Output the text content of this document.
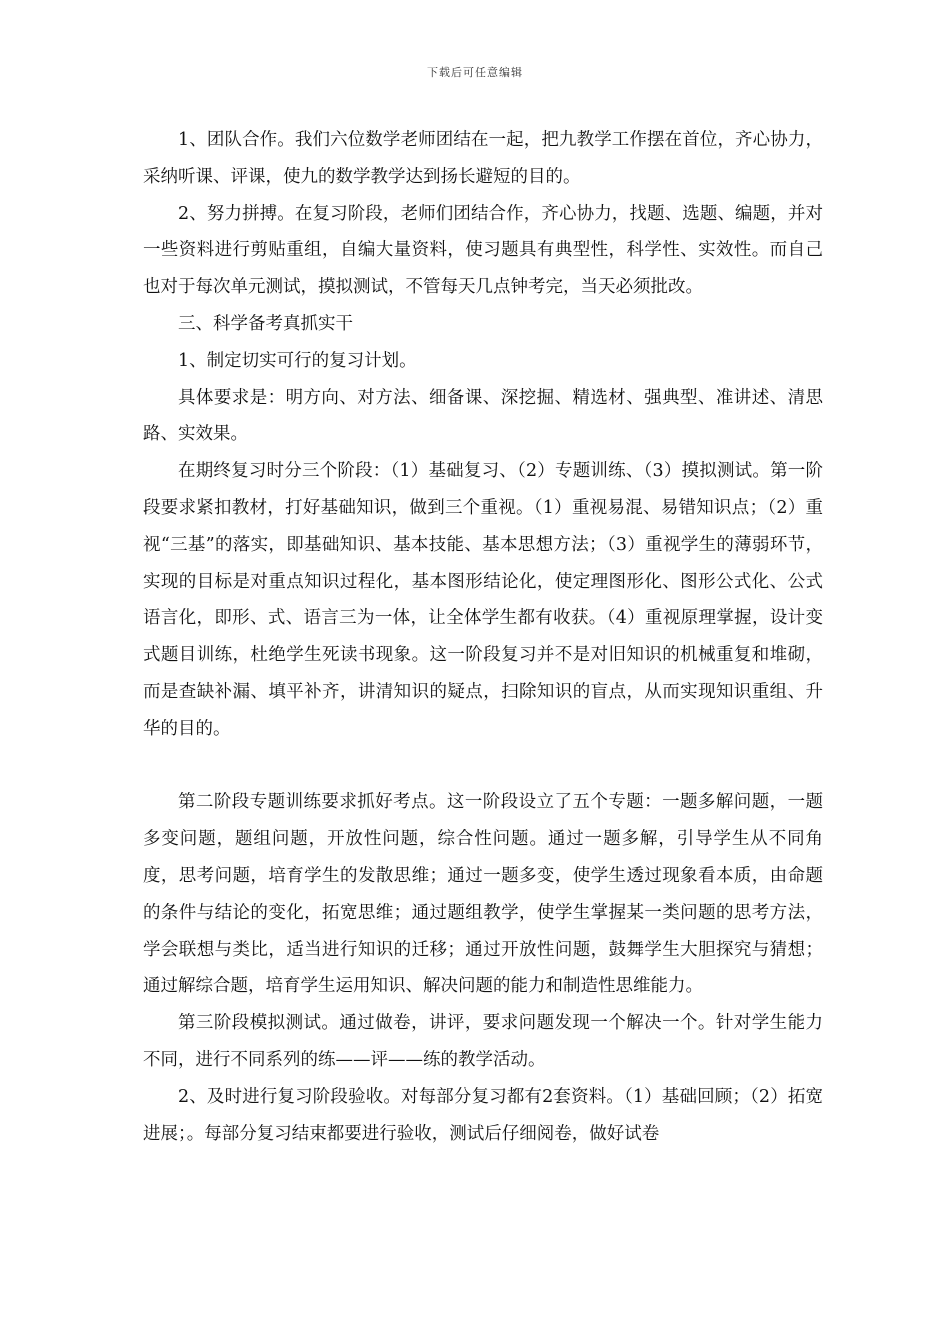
下载后可任意编辑

1、团队合作。我们六位数学老师团结在一起，把九教学工作摆在首位，齐心协力，采纳听课、评课，使九的数学教学达到扬长避短的目的。

2、努力拼搏。在复习阶段，老师们团结合作，齐心协力，找题、选题、编题，并对一些资料进行剪贴重组，自编大量资料，使习题具有典型性，科学性、实效性。而自己也对于每次单元测试，摸拟测试，不管每天几点钟考完，当天必须批改。

三、科学备考真抓实干

1、制定切实可行的复习计划。

具体要求是：明方向、对方法、细备课、深挖掘、精选材、强典型、准讲述、清思路、实效果。

在期终复习时分三个阶段：（1）基础复习、（2）专题训练、（3）摸拟测试。第一阶段要求紧扣教材，打好基础知识，做到三个重视。（1）重视易混、易错知识点；（2）重视“三基”的落实，即基础知识、基本技能、基本思想方法；（3）重视学生的薄弱环节，实现的目标是对重点知识过程化，基本图形结论化，使定理图形化、图形公式化、公式语言化，即形、式、语言三为一体，让全体学生都有收获。（4）重视原理掌握，设计变式题目训练，杜绝学生死读书现象。这一阶段复习并不是对旧知识的机械重复和堆砌，而是查缺补漏、填平补齐，讲清知识的疑点，扫除知识的盲点，从而实现知识重组、升华的目的。

第二阶段专题训练要求抓好考点。这一阶段设立了五个专题：一题多解问题，一题多变问题，题组问题，开放性问题，综合性问题。通过一题多解，引导学生从不同角度，思考问题，培育学生的发散思维；通过一题多变，使学生透过现象看本质，由命题的条件与结论的变化，拓宽思维；通过题组教学，使学生掌握某一类问题的思考方法，学会联想与类比，适当进行知识的迁移；通过开放性问题，鼓舞学生大胆探究与猜想；通过解综合题，培育学生运用知识、解决问题的能力和制造性思维能力。

第三阶段模拟测试。通过做卷，讲评，要求问题发现一个解决一个。针对学生能力不同，进行不同系列的练——评——练的教学活动。

2、及时进行复习阶段验收。对每部分复习都有2套资料。（1）基础回顾；（2）拓宽进展；。每部分复习结束都要进行验收，测试后仔细阅卷，做好试卷
